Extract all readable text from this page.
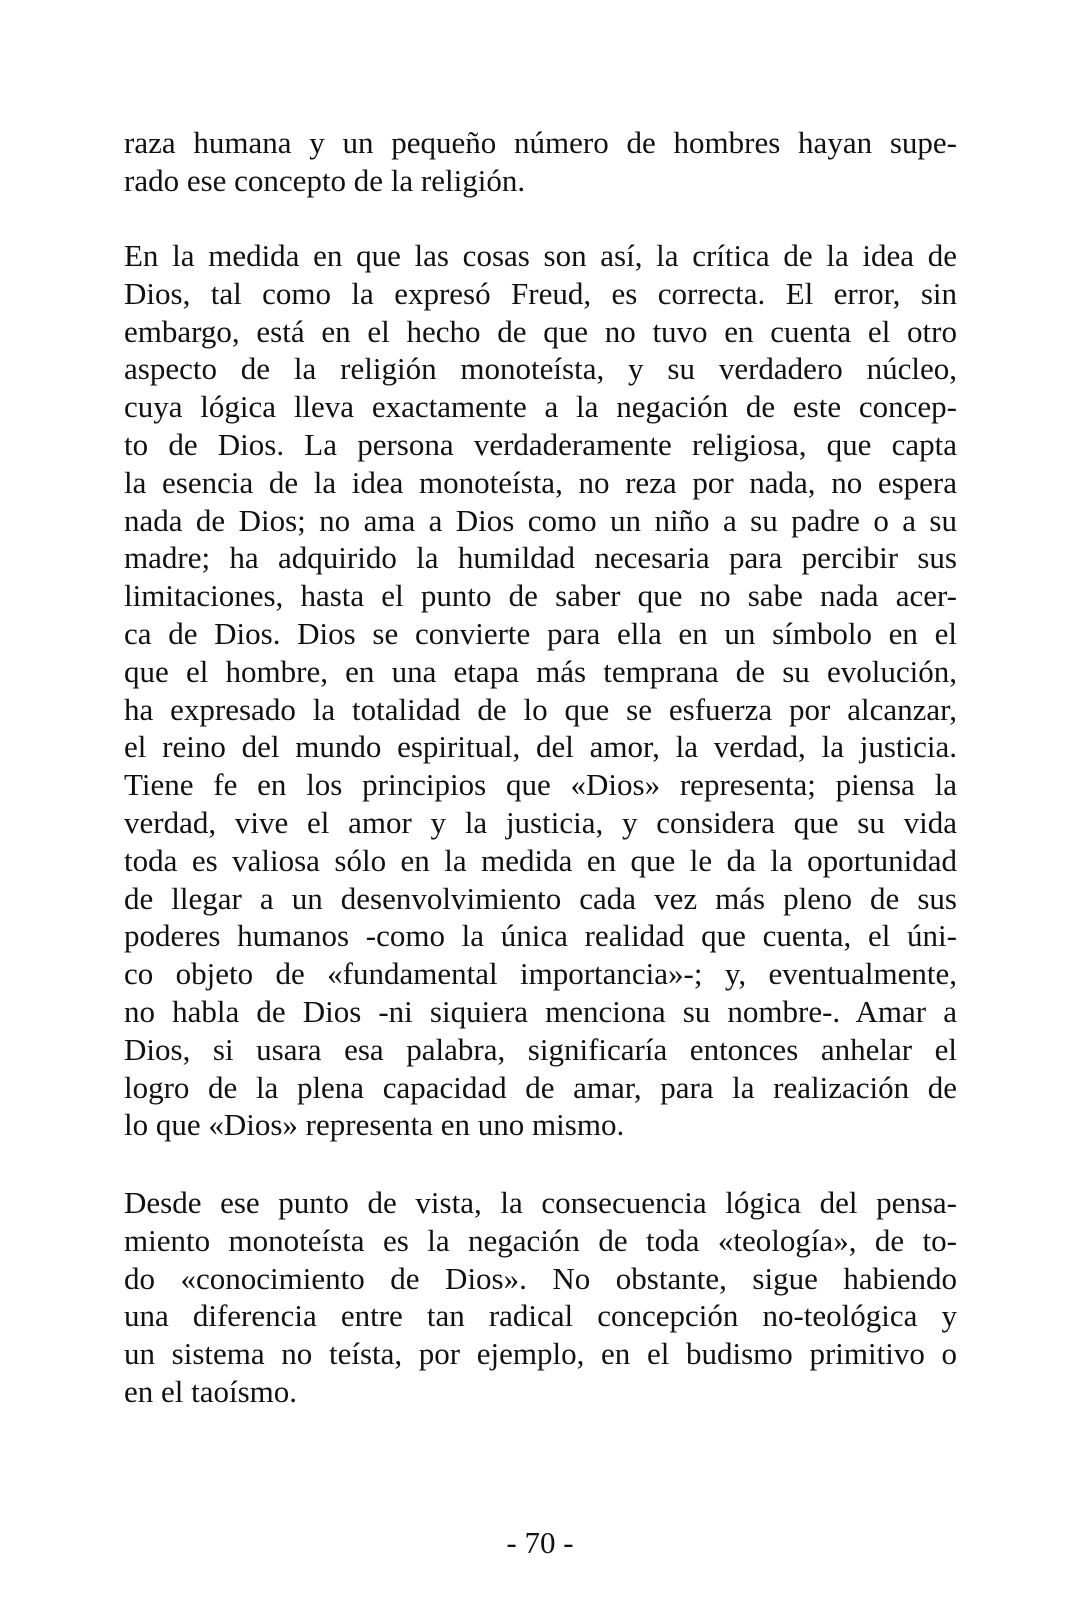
raza humana y un pequeño número de hombres hayan supe-
rado ese concepto de la religión.
En la medida en que las cosas son así, la crítica de la idea de
Dios, tal como la expresó Freud, es correcta. El error, sin
embargo, está en el hecho de que no tuvo en cuenta el otro
aspecto de la religión monoteísta, y su verdadero núcleo,
cuya lógica lleva exactamente a la negación de este concep-
to de Dios. La persona verdaderamente religiosa, que capta
la esencia de la idea monoteísta, no reza por nada, no espera
nada de Dios; no ama a Dios como un niño a su padre o a su
madre; ha adquirido la humildad necesaria para percibir sus
limitaciones, hasta el punto de saber que no sabe nada acer-
ca de Dios. Dios se convierte para ella en un símbolo en el
que el hombre, en una etapa más temprana de su evolución,
ha expresado la totalidad de lo que se esfuerza por alcanzar,
el reino del mundo espiritual, del amor, la verdad, la justicia.
Tiene fe en los principios que «Dios» representa; piensa la
verdad, vive el amor y la justicia, y considera que su vida
toda es valiosa sólo en la medida en que le da la oportunidad
de llegar a un desenvolvimiento cada vez más pleno de sus
poderes humanos -como la única realidad que cuenta, el úni-
co objeto de «fundamental importancia»-; y, eventualmente,
no habla de Dios -ni siquiera menciona su nombre-. Amar a
Dios, si usara esa palabra, significaría entonces anhelar el
logro de la plena capacidad de amar, para la realización de
lo que «Dios» representa en uno mismo.
Desde ese punto de vista, la consecuencia lógica del pensa-
miento monoteísta es la negación de toda «teología», de to-
do «conocimiento de Dios». No obstante, sigue habiendo
una diferencia entre tan radical concepción no-teológica y
un sistema no teísta, por ejemplo, en el budismo primitivo o
en el taoísmo.
- 70 -
